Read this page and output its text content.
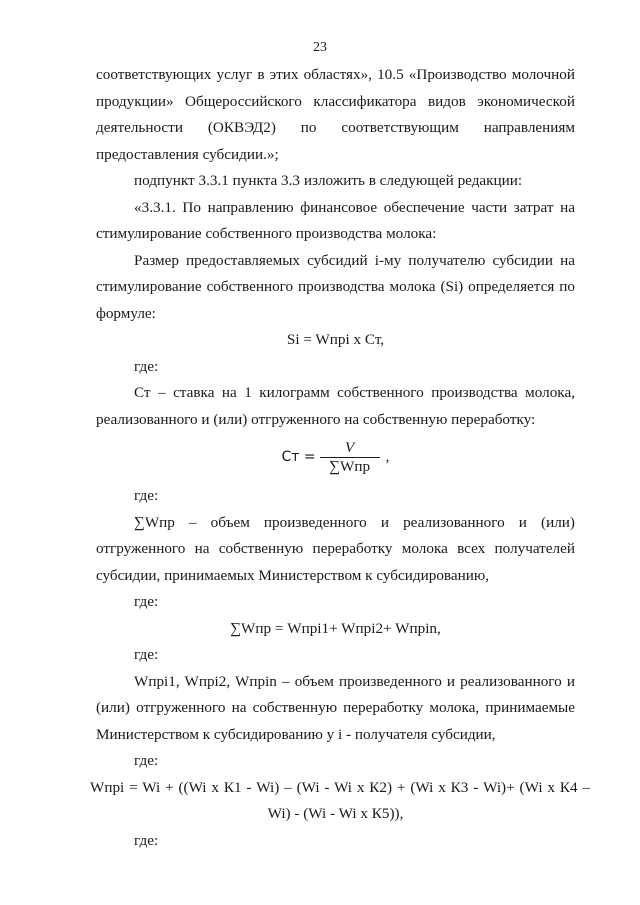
23

соответствующих услуг в этих областях», 10.5 «Производство молочной

продукции» Общероссийского классификатора видов экономической

деятельности (ОКВЭД2) по соответствующим направлениям

предоставления субсидии.»;

подпункт 3.3.1 пункта 3.3 изложить в следующей редакции:

«3.3.1. По направлению финансовое обеспечение части затрат на

стимулирование собственного производства молока:

Размер предоставляемых субсидий i-му получателю субсидии на

стимулирование собственного производства молока (Si) определяется по

формуле:

Si = Wпрi х Ст,

где:

Ст – ставка на 1 килограмм собственного производства молока,

реализованного и (или) отгруженного на собственную переработку:

Ст = $\frac{V}{\text{∑Wпр}}$ ,

где:

∑Wпр – объем произведенного и реализованного и (или)

отгруженного на собственную переработку молока всех получателей

субсидии, принимаемых Министерством к субсидированию,

где:

∑Wпр = Wпрi1+ Wпрi2+ Wпрin,

где:

Wпрi1, Wпрi2, Wпрin – объем произведенного и реализованного и

(или) отгруженного на собственную переработку молока, принимаемые

Министерством к субсидированию у i - получателя субсидии,

где:

Wпрi = Wi + ((Wi х К1 - Wi) – (Wi - Wi х К2) + (Wi х К3 - Wi)+ (Wi х К4 –

Wi) - (Wi - Wi х К5)),

где:
